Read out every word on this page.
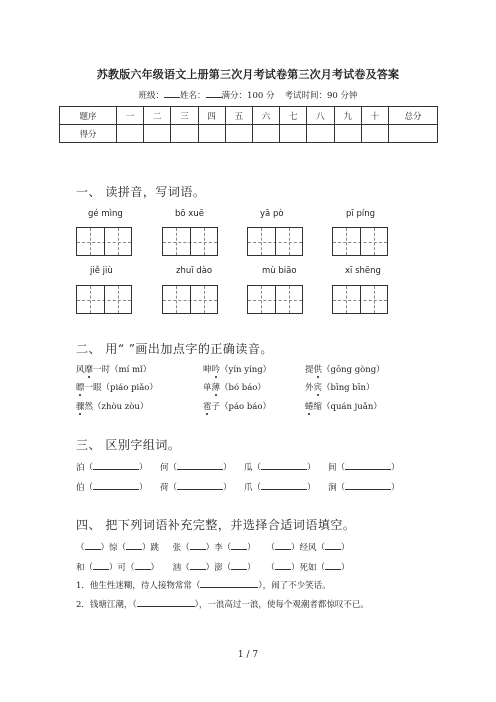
苏教版六年级语文上册第三次月考试卷第三次月考试卷及答案
班级： 姓名： 满分：100 分 考试时间：90 分钟
题序	一	二	三	四	五	六	七	八	九	十	总分
得分											
一、 读拼音，写词语。
gé mìng	bō xuē	yā pò	pī píng
jiě jiù	zhuī dào	mù biāo	xī shēng
二、 用“ ”画出加点字的正确读音。
风靡一时（mí mǐ）	呻吟（yín yíng）	提供（gōng gòng）
瞟一眼（piáo piǎo）	单薄（bó báo）	外宾（bīng bīn）
骤然（zhòu zòu）	雹子（páo báo）	蜷缩（quán juǎn）
三、 区别字组词。
泊（	） 何（	） 瓜（	） 间（	）
伯（	） 荷（	） 爪（	） 涧（	）
四、 把下列词语补充完整，并选择合适词语填空。
（ ）惊（ ）跳 张（ ）李（ ） （ ）经风（ ）
和（ ）可（ ） 汹（ ）澎（ ） （ ）死如（ ）
1．他生性迷糊，待人接物常常（	），闹了不少笑话。
2．钱塘江潮，（	），一浪高过一浪，使每个观潮者都惊叹不已。
1 / 7
